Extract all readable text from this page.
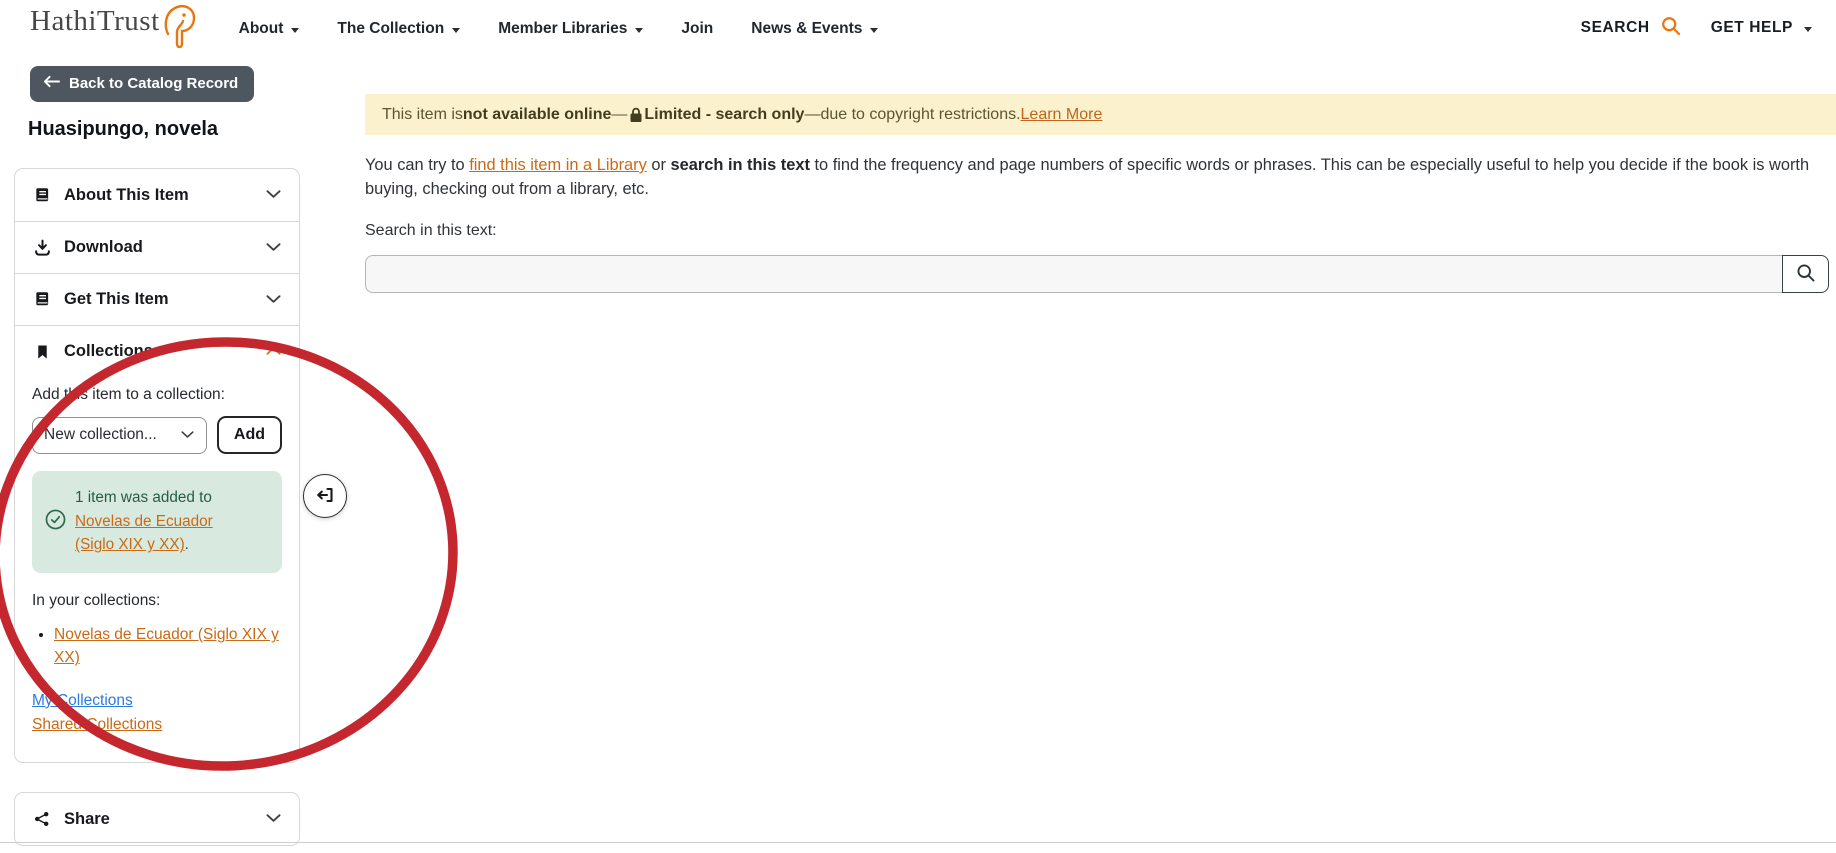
HathiTrust	About	The Collection	Member Libraries	Join News & Events	SEARCH	GET HELP
Back to Catalog Record
Huasipungo, novela
About This Item
Download
Get This Item
Collections
Add this item to a collection:
New collection...	Add
1 item was added to Novelas de Ecuador (Siglo XIX y XX).
In your collections:
• Novelas de Ecuador (Siglo XIX y XX)
My Collections
Shared Collections
Share
This item is not available online — Limited - search only — due to copyright restrictions. Learn More
You can try to find this item in a Library or search in this text to find the frequency and page numbers of specific words or phrases. This can be especially useful to help you decide if the book is worth
buying, checking out from a library, etc.
Search in this text:
